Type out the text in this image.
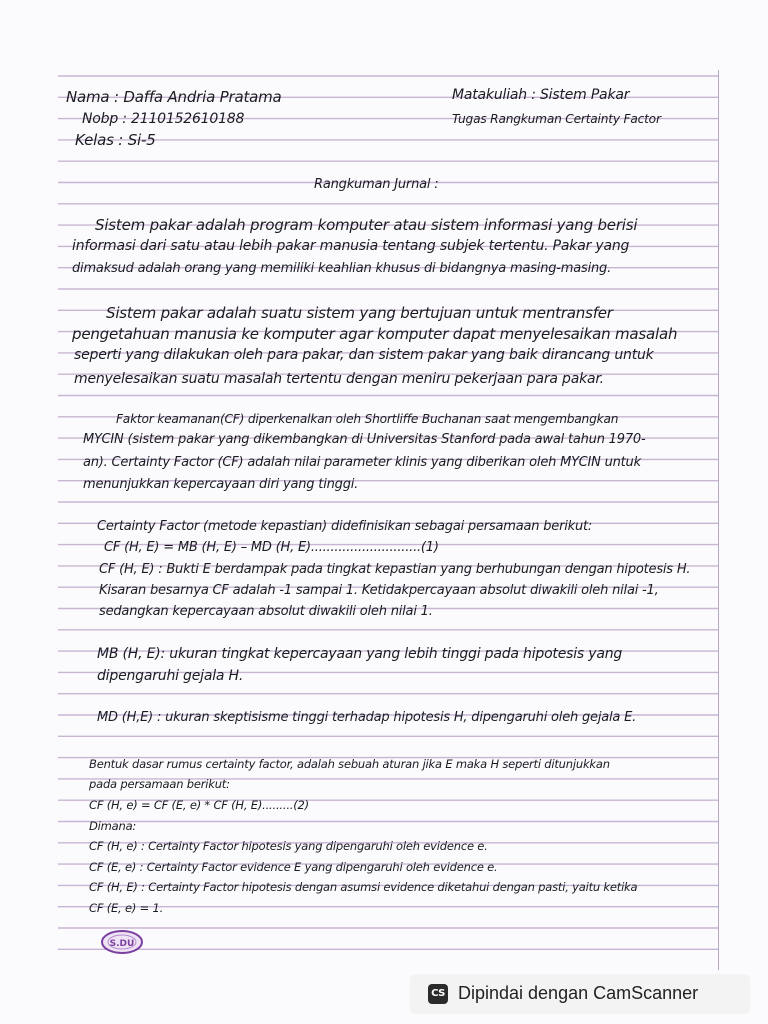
Nama : Daffa Andria Pratama
Nobp : 2110152610188
Kelas : Si-5
Matakuliah : Sistem Pakar
Tugas Rangkuman Certainty Factor
Rangkuman Jurnal :
Sistem pakar adalah program komputer atau sistem informasi yang berisi
informasi dari satu atau lebih pakar manusia tentang subjek tertentu. Pakar yang
dimaksud adalah orang yang memiliki keahlian khusus di bidangnya masing-masing.
Sistem pakar adalah suatu sistem yang bertujuan untuk mentransfer
pengetahuan manusia ke komputer agar komputer dapat menyelesaikan masalah
seperti yang dilakukan oleh para pakar, dan sistem pakar yang baik dirancang untuk
menyelesaikan suatu masalah tertentu dengan meniru pekerjaan para pakar.
Faktor keamanan(CF) diperkenalkan oleh Shortliffe Buchanan saat mengembangkan
MYCIN (sistem pakar yang dikembangkan di Universitas Stanford pada awal tahun 1970-
an). Certainty Factor (CF) adalah nilai parameter klinis yang diberikan oleh MYCIN untuk
menunjukkan kepercayaan diri yang tinggi.
Certainty Factor (metode kepastian) didefinisikan sebagai persamaan berikut:
CF (H, E) = MB (H, E) – MD (H, E)............................(1)
CF (H, E) : Bukti E berdampak pada tingkat kepastian yang berhubungan dengan hipotesis H.
Kisaran besarnya CF adalah -1 sampai 1. Ketidakpercayaan absolut diwakili oleh nilai -1,
sedangkan kepercayaan absolut diwakili oleh nilai 1.
MB (H, E): ukuran tingkat kepercayaan yang lebih tinggi pada hipotesis yang
dipengaruhi gejala H.
MD (H,E) : ukuran skeptisisme tinggi terhadap hipotesis H, dipengaruhi oleh gejala E.
Bentuk dasar rumus certainty factor, adalah sebuah aturan jika E maka H seperti ditunjukkan
pada persamaan berikut:
CF (H, e) = CF (E, e) * CF (H, E).........(2)
Dimana:
CF (H, e) : Certainty Factor hipotesis yang dipengaruhi oleh evidence e.
CF (E, e) : Certainty Factor evidence E yang dipengaruhi oleh evidence e.
CF (H, E) : Certainty Factor hipotesis dengan asumsi evidence diketahui dengan pasti, yaitu ketika
CF (E, e) = 1.
S.DU
CS Dipindai dengan CamScanner
